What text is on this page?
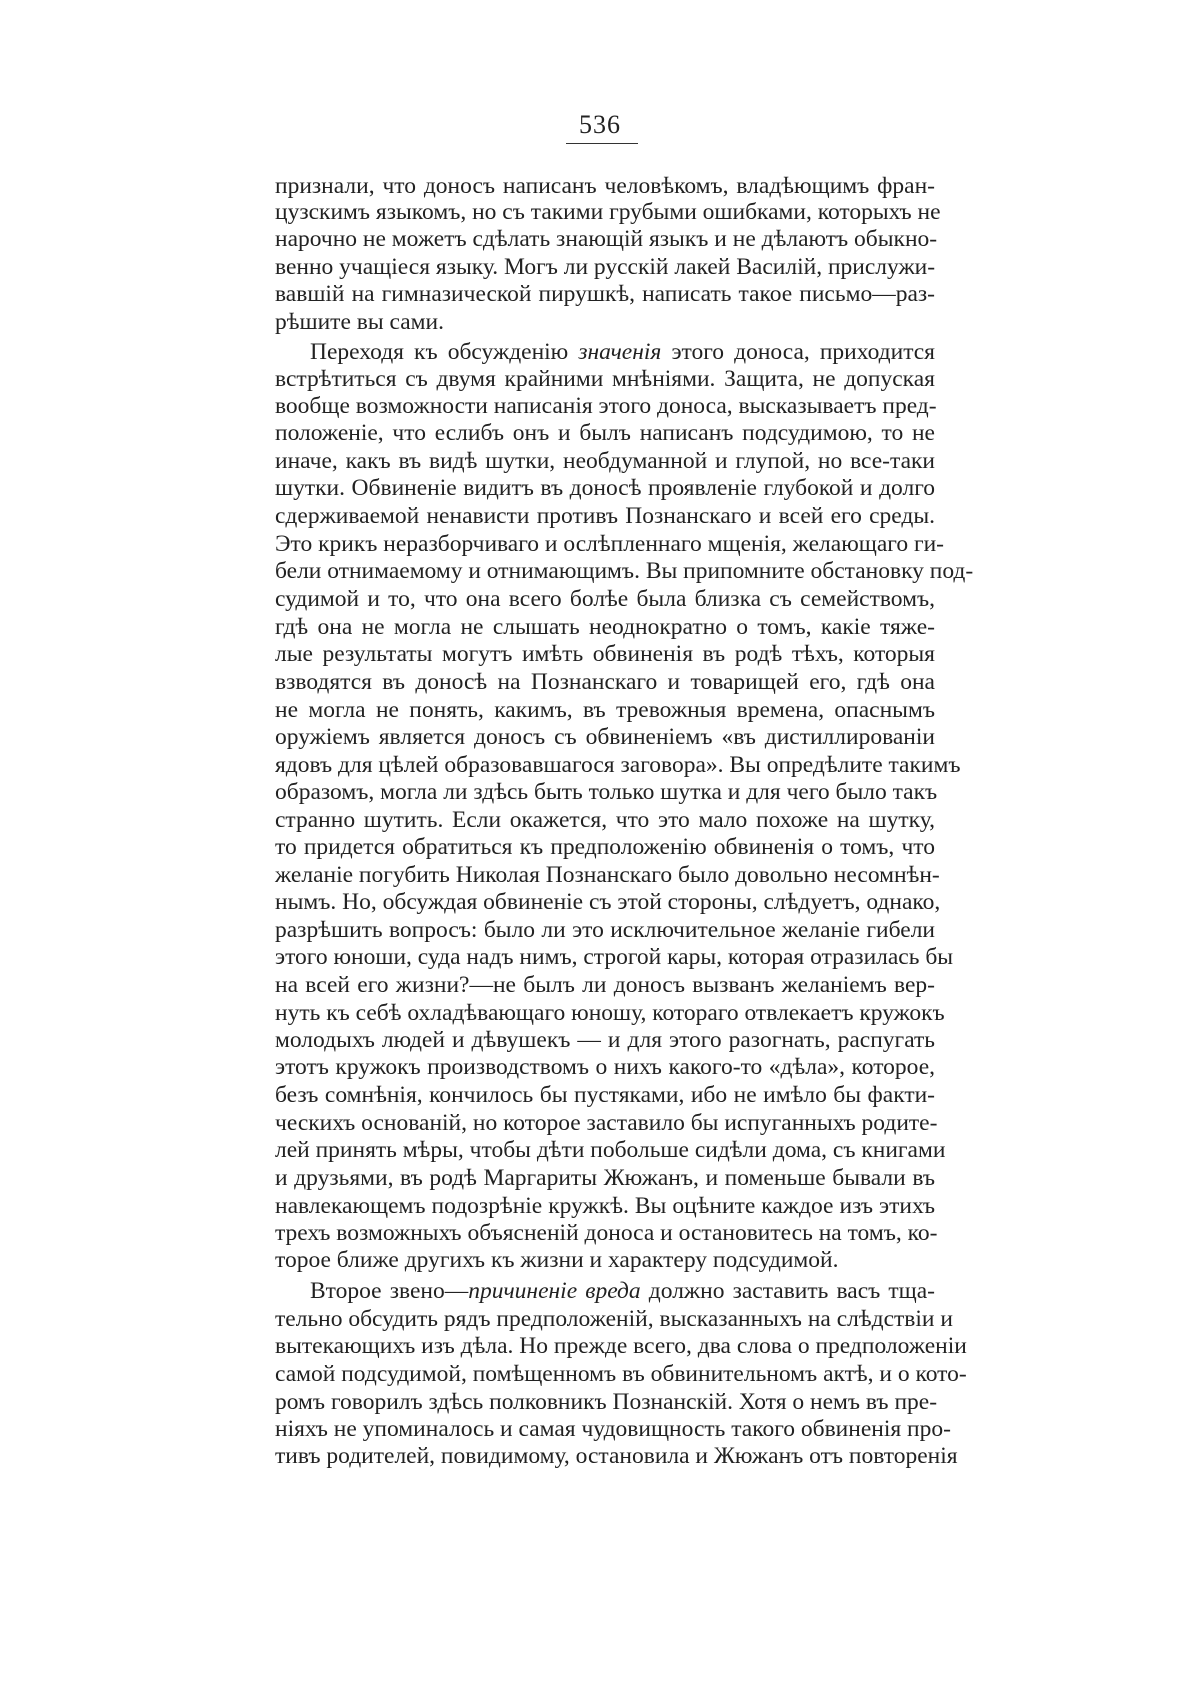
536
признали, что доносъ написанъ человѣкомъ, владѣющимъ фран-
цузскимъ языкомъ, но съ такими грубыми ошибками, которыхъ не
нарочно не можетъ сдѣлать знающій языкъ и не дѣлаютъ обыкно-
венно учащіеся языку. Могъ ли русскій лакей Василій, прислужи-
вавшій на гимназической пирушкѣ, написать такое письмо—раз-
рѣшите вы сами.
Переходя къ обсужденію значенія этого доноса, приходится
встрѣтиться съ двумя крайними мнѣніями. Защита, не допуская
вообще возможности написанія этого доноса, высказываетъ пред-
положеніе, что еслибъ онъ и былъ написанъ подсудимою, то не
иначе, какъ въ видѣ шутки, необдуманной и глупой, но все-таки
шутки. Обвиненіе видитъ въ доносѣ проявленіе глубокой и долго
сдерживаемой ненависти противъ Познанскаго и всей его среды.
Это крикъ неразборчиваго и ослѣпленнаго мщенія, желающаго ги-
бели отнимаемому и отнимающимъ. Вы припомните обстановку под-
судимой и то, что она всего болѣе была близка съ семействомъ,
гдѣ она не могла не слышать неоднократно о томъ, какіе тяже-
лые результаты могутъ имѣть обвиненія въ родѣ тѣхъ, которыя
взводятся въ доносѣ на Познанскаго и товарищей его, гдѣ она
не могла не понять, какимъ, въ тревожныя времена, опаснымъ
оружіемъ является доносъ съ обвиненіемъ «въ дистиллированіи
ядовъ для цѣлей образовавшагося заговора». Вы опредѣлите такимъ
образомъ, могла ли здѣсь быть только шутка и для чего было такъ
странно шутить. Если окажется, что это мало похоже на шутку,
то придется обратиться къ предположенію обвиненія о томъ, что
желаніе погубить Николая Познанскаго было довольно несомнѣн-
нымъ. Но, обсуждая обвиненіе съ этой стороны, слѣдуетъ, однако,
разрѣшить вопросъ: было ли это исключительное желаніе гибели
этого юноши, суда надъ нимъ, строгой кары, которая отразилась бы
на всей его жизни?—не былъ ли доносъ вызванъ желаніемъ вер-
нуть къ себѣ охладѣвающаго юношу, котораго отвлекаетъ кружокъ
молодыхъ людей и дѣвушекъ — и для этого разогнать, распугать
этотъ кружокъ производствомъ о нихъ какого-то «дѣла», которое,
безъ сомнѣнія, кончилось бы пустяками, ибо не имѣло бы факти-
ческихъ основаній, но которое заставило бы испуганныхъ родите-
лей принять мѣры, чтобы дѣти побольше сидѣли дома, съ книгами
и друзьями, въ родѣ Маргариты Жюжанъ, и поменьше бывали въ
навлекающемъ подозрѣніе кружкѣ. Вы оцѣните каждое изъ этихъ
трехъ возможныхъ объясненій доноса и остановитесь на томъ, ко-
торое ближе другихъ къ жизни и характеру подсудимой.
Второе звено—причиненіе вреда должно заставить васъ тща-
тельно обсудить рядъ предположеній, высказанныхъ на слѣдствіи и
вытекающихъ изъ дѣла. Но прежде всего, два слова о предположеніи
самой подсудимой, помѣщенномъ въ обвинительномъ актѣ, и о кото-
ромъ говорилъ здѣсь полковникъ Познанскій. Хотя о немъ въ пре-
ніяхъ не упоминалось и самая чудовищность такого обвиненія про-
тивъ родителей, повидимому, остановила и Жюжанъ отъ повторенія
